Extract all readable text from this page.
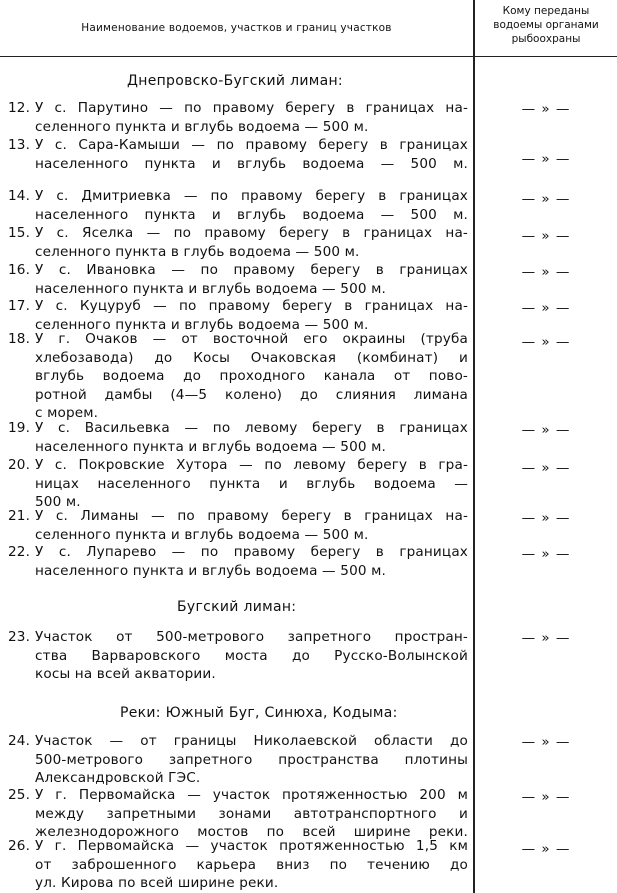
Наименование водоемов, участков и границ участков
Кому переданы
водоемы органами
рыбоохраны
Днепровско-Бугский лиман:
12. У с. Парутино — по правому берегу в границах на-
селенного пункта и вглубь водоема — 500 м.
— » —
13. У с. Сара-Камыши — по правому берегу в границах
населенного пункта и вглубь водоема — 500 м.	— » —
14. У с. Дмитриевка — по правому берегу в границах
населенного пункта и вглубь водоема — 500 м.
— » —
15. У с. Яселка — по правому берегу в границах на-
селенного пункта в глубь водоема — 500 м.
— » —
16. У с. Ивановка — по правому берегу в границах
населенного пункта и вглубь водоема — 500 м.
— » —
17. У с. Куцуруб — по правому берегу в границах на-
селенного пункта и вглубь водоема — 500 м.
— » —
18. У г. Очаков — от восточной его окраины (труба
хлебозавода) до Косы Очаковская (комбинат) и
вглубь водоема до проходного канала от пово-
ротной дамбы (4—5 колено) до слияния лимана
с морем.
— » —
19. У с. Васильевка — по левому берегу в границах
населенного пункта и вглубь водоема — 500 м.
— » —
20. У с. Покровские Хутора — по левому берегу в гра-
ницах населенного пункта и вглубь водоема —
500 м.
— » —
21. У с. Лиманы — по правому берегу в границах на-
селенного пункта и вглубь водоема — 500 м.
— » —
22. У с. Лупарево — по правому берегу в границах
населенного пункта и вглубь водоема — 500 м.
— » —
Бугский лиман:
23. Участок от 500-метрового запретного простран-
ства Варваровского моста до Русско-Волынской
косы на всей акватории.
— » —
Реки: Южный Буг, Синюха, Кодыма:
24. Участок — от границы Николаевской области до
500-метрового запретного пространства плотины
Александровской ГЭС.
— » —
25. У г. Первомайска — участок протяженностью 200 м
между запретными зонами автотранспортного и
железнодорожного мостов по всей ширине реки.
— » —
26. У г. Первомайска — участок протяженностью 1,5 км
от заброшенного карьера вниз по течению до
ул. Кирова по всей ширине реки.
— » —
